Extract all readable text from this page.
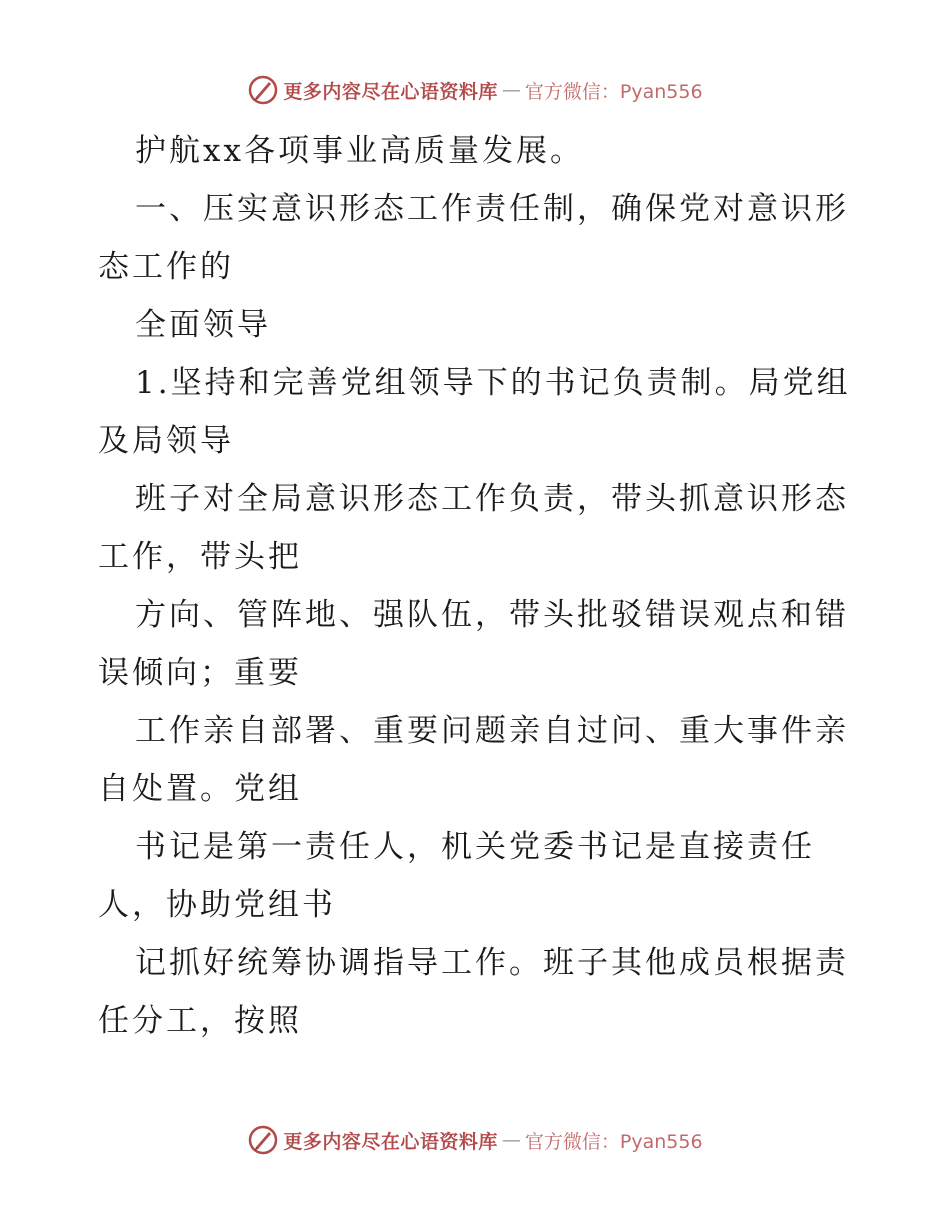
更多内容尽在心语资料库 — 官方微信：Pyan556
护航xx各项事业高质量发展。
一、压实意识形态工作责任制，确保党对意识形
态工作的
全面领导
1.坚持和完善党组领导下的书记负责制。局党组
及局领导
班子对全局意识形态工作负责，带头抓意识形态
工作，带头把
方向、管阵地、强队伍，带头批驳错误观点和错
误倾向；重要
工作亲自部署、重要问题亲自过问、重大事件亲
自处置。党组
书记是第一责任人，机关党委书记是直接责任
人，协助党组书
记抓好统筹协调指导工作。班子其他成员根据责
任分工，按照
更多内容尽在心语资料库 — 官方微信：Pyan556
